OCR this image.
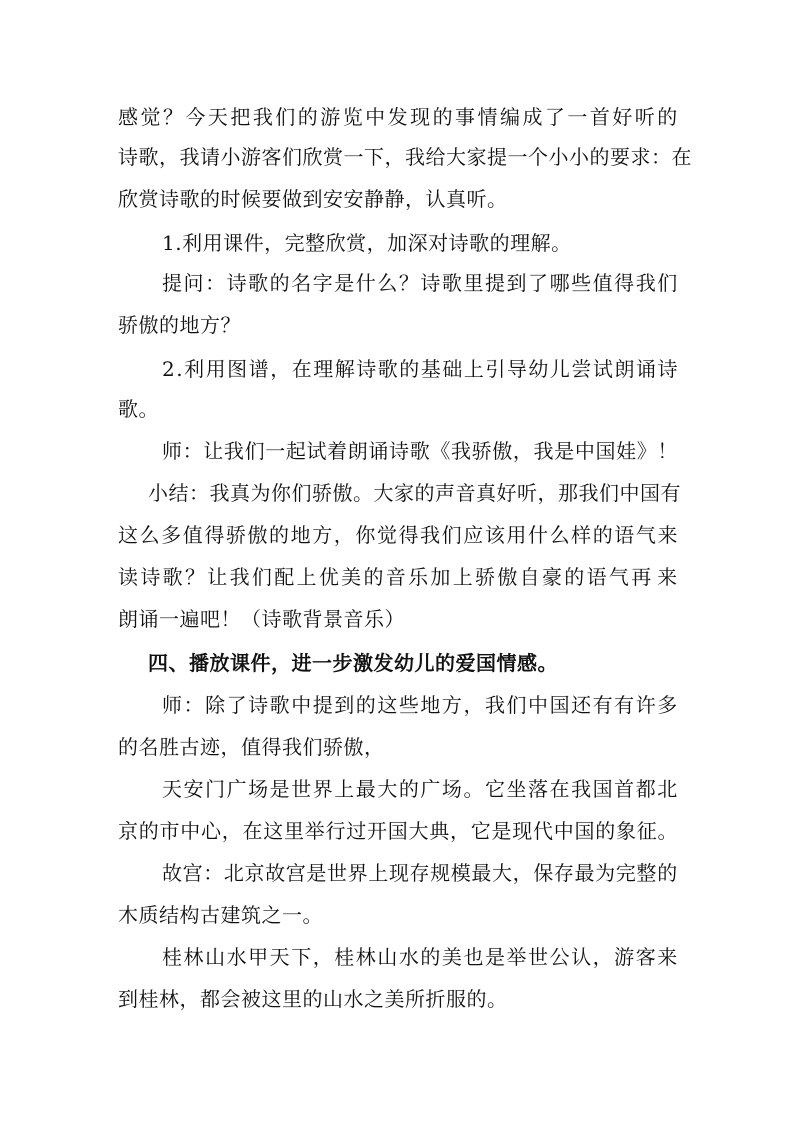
感 觉 ？ 今 天 把 我 们 的 游 览 中 发 现 的 事 情 编 成 了 一 首 好 听 的
诗 歌 ， 我 请 小 游 客 们 欣 赏 一 下 ， 我 给 大 家 提 一 个 小 小 的 要 求 ： 在
欣赏诗歌的时候要做到安安静静，认真听。
1.利用课件，完整欣赏，加深对诗歌的理解。
提 问 ： 诗 歌 的 名 字 是 什 么 ？ 诗 歌 里 提 到 了 哪 些 值 得 我 们
骄傲的地方？
2 . 利 用 图 谱 ， 在 理 解 诗 歌 的 基 础 上 引 导 幼 儿 尝 试 朗 诵 诗
歌。
师 ： 让 我 们 一 起 试 着 朗 诵 诗 歌 《 我 骄 傲 ， 我 是 中 国 娃 》 ！
小 结 ： 我 真 为 你 们 骄 傲 。 大 家 的 声 音 真 好 听 ， 那 我 们 中 国 有
这 么 多 值 得 骄 傲 的 地 方 ， 你 觉 得 我 们 应 该 用 什 么 样 的 语 气 来
读 诗 歌 ？ 让 我 们 配 上 优 美 的 音 乐 加 上 骄 傲 自 豪 的 语 气 再 来
朗诵一遍吧！（诗歌背景音乐）
四、播放课件，进一步激发幼儿的爱国情感。
师 ： 除 了 诗 歌 中 提 到 的 这 些 地 方 ， 我 们 中 国 还 有 有 许 多
的名胜古迹，值得我们骄傲，
天 安 门 广 场 是 世 界 上 最 大 的 广 场 。 它 坐 落 在 我 国 首 都 北
京 的 市 中 心 ， 在 这 里 举 行 过 开 国 大 典 ， 它 是 现 代 中 国 的 象 征 。
故 宫 ： 北 京 故 宫 是 世 界 上 现 存 规 模 最 大 ， 保 存 最 为 完 整 的
木质结构古建筑之一。
桂 林 山 水 甲 天 下 ， 桂 林 山 水 的 美 也 是 举 世 公 认 ， 游 客 来
到桂林，都会被这里的山水之美所折服的。
